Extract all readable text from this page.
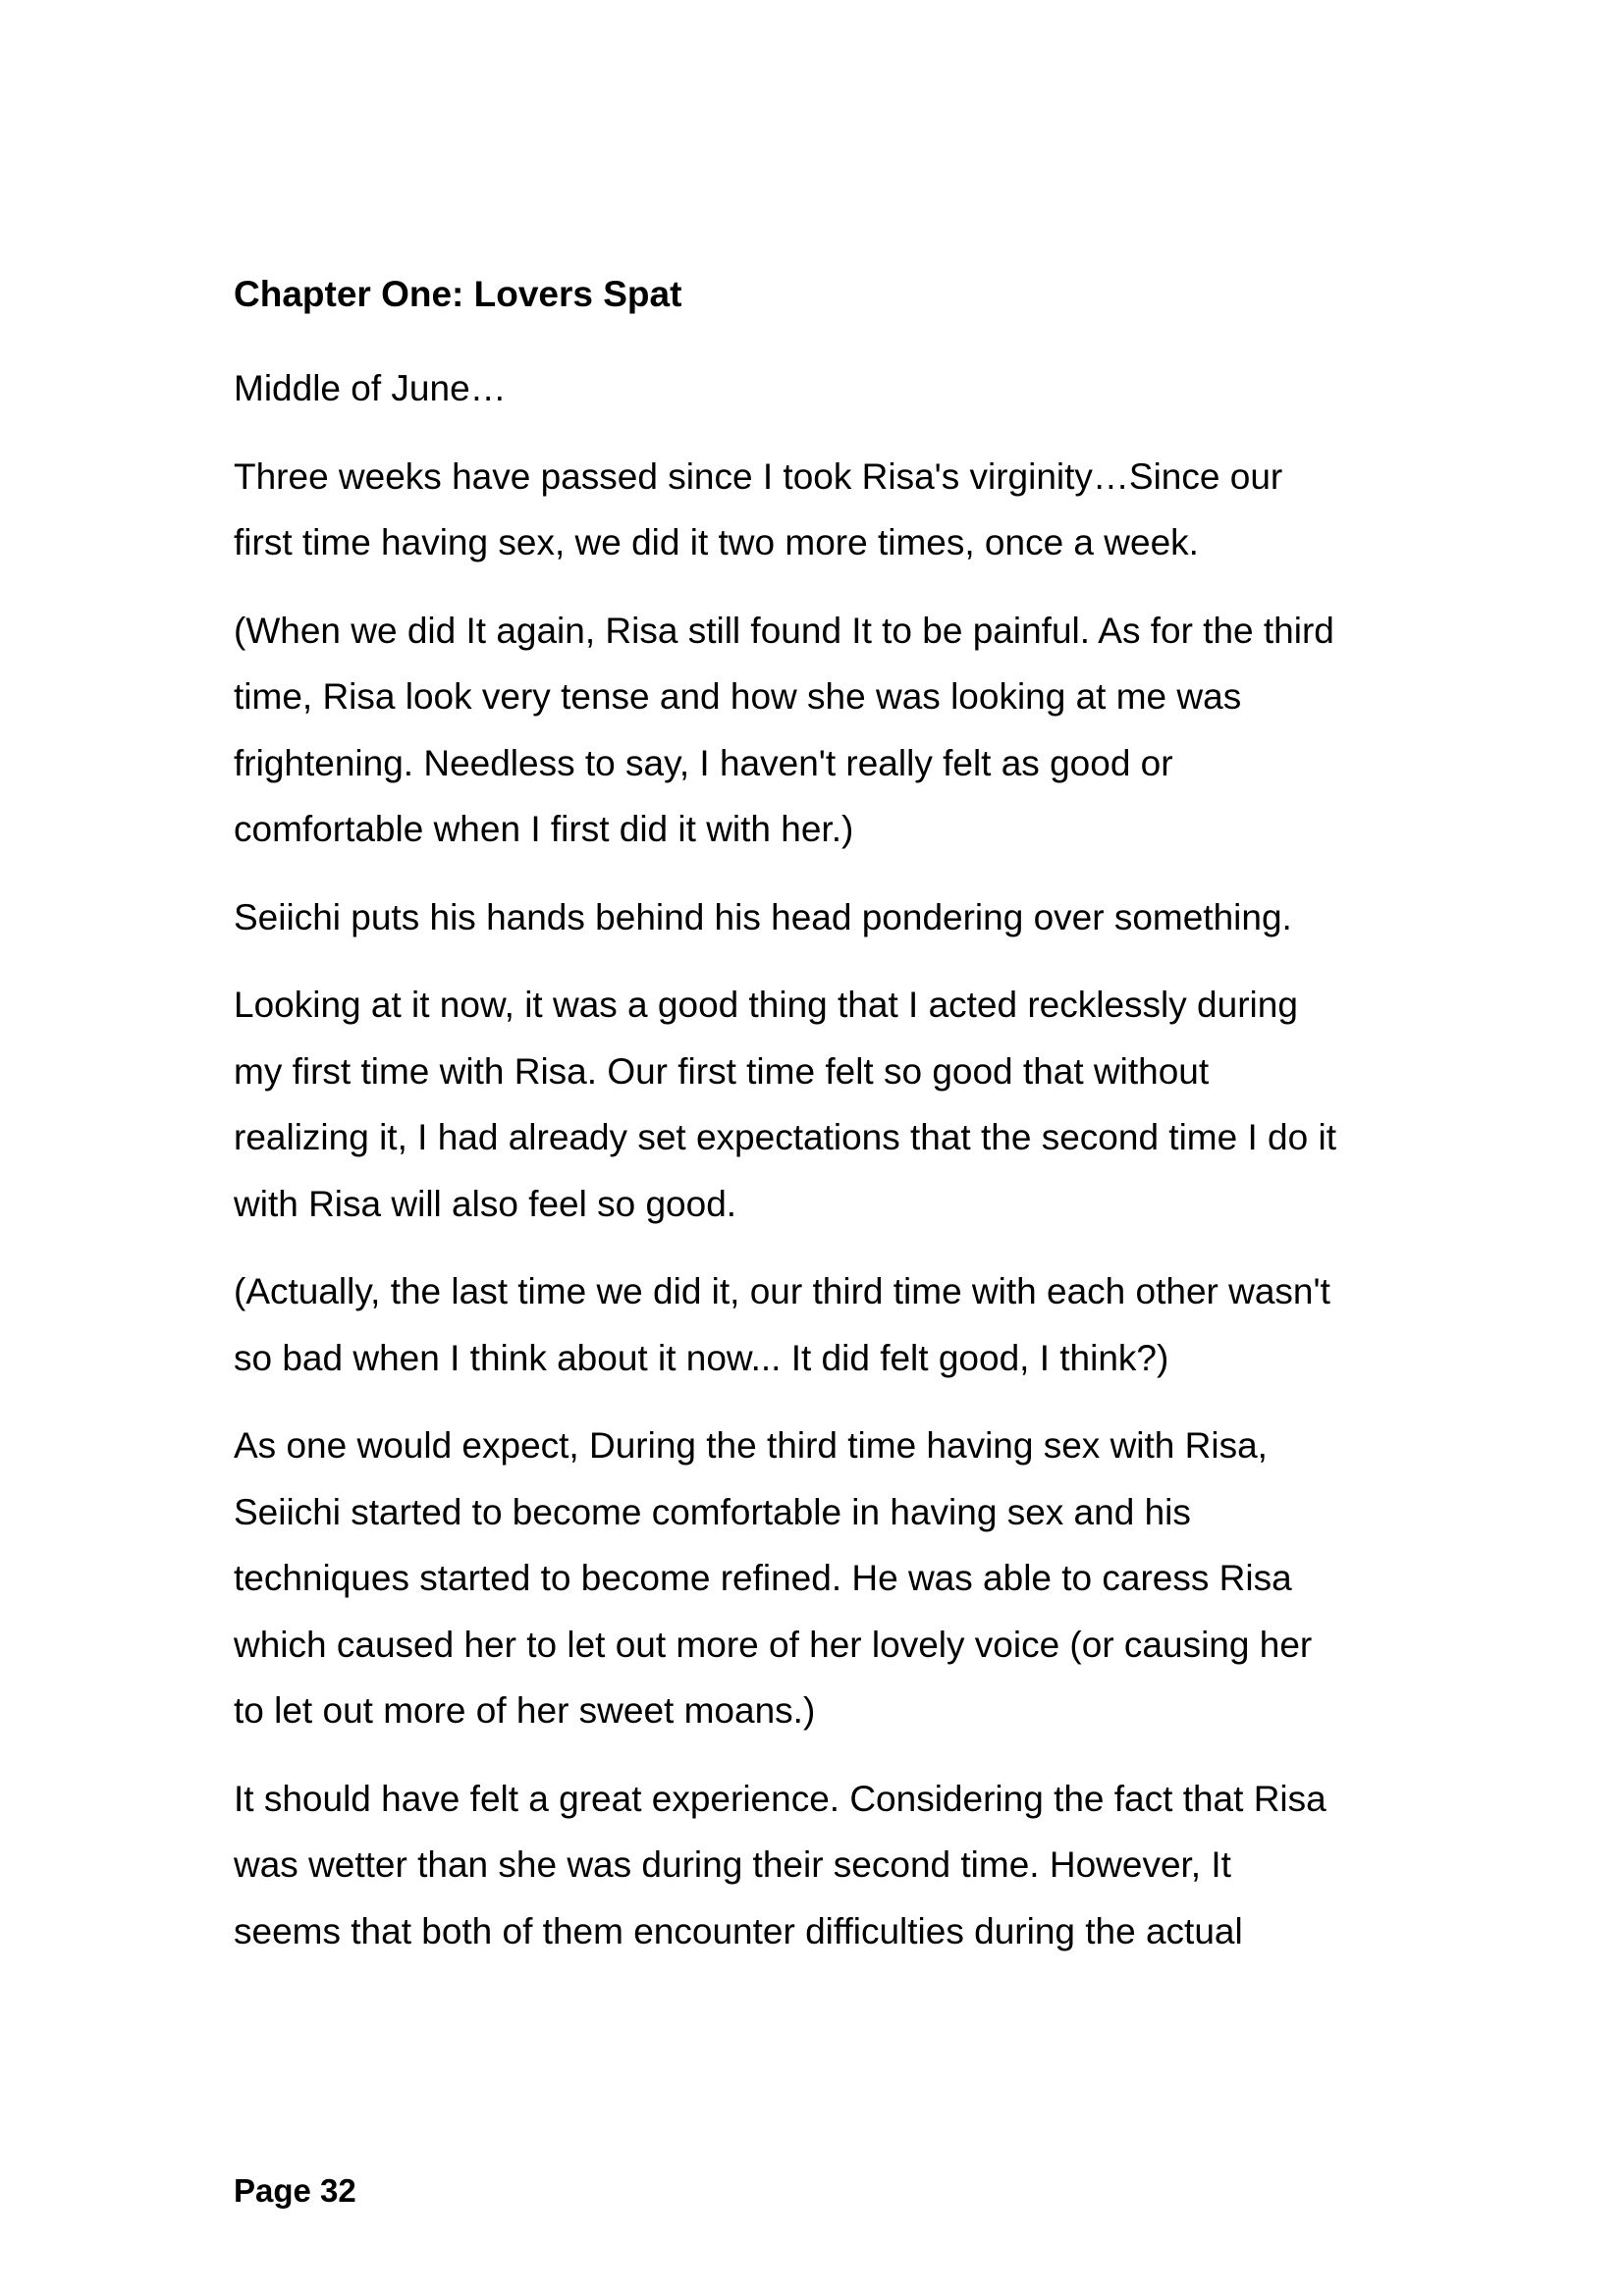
Chapter One: Lovers Spat

Middle of June…

Three weeks have passed since I took Risa's virginity…Since our
first time having sex, we did it two more times, once a week.

(When we did It again, Risa still found It to be painful. As for the third
time, Risa look very tense and how she was looking at me was
frightening. Needless to say, I haven't really felt as good or
comfortable when I first did it with her.)

Seiichi puts his hands behind his head pondering over something.

Looking at it now, it was a good thing that I acted recklessly during
my first time with Risa. Our first time felt so good that without
realizing it, I had already set expectations that the second time I do it
with Risa will also feel so good.

(Actually, the last time we did it, our third time with each other wasn't
so bad when I think about it now... It did felt good, I think?)

As one would expect, During the third time having sex with Risa,
Seiichi started to become comfortable in having sex and his
techniques started to become refined. He was able to caress Risa
which caused her to let out more of her lovely voice (or causing her
to let out more of her sweet moans.)

It should have felt a great experience. Considering the fact that Risa
was wetter than she was during their second time. However, It
seems that both of them encounter difficulties during the actual

Page 32
